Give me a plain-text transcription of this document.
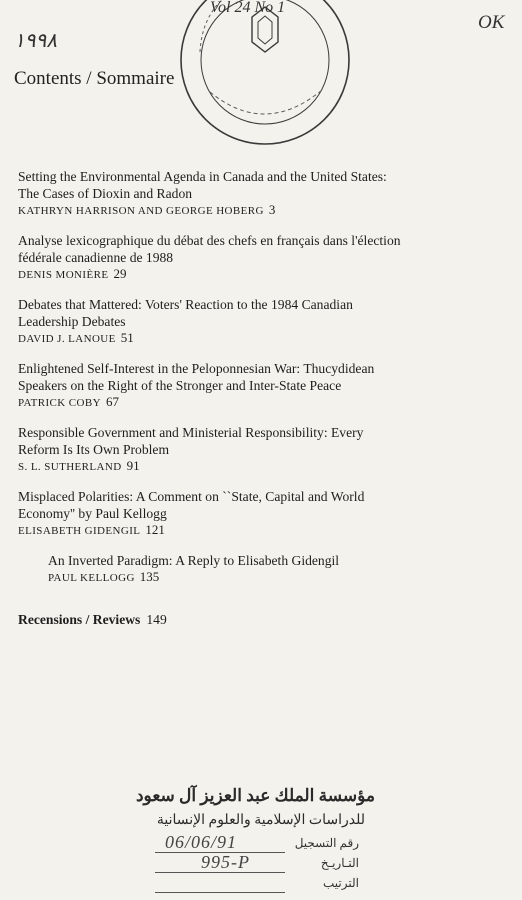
١٩٩٨
OK
Vol 24 No 1
Contents / Sommaire
Setting the Environmental Agenda in Canada and the United States:
The Cases of Dioxin and Radon
KATHRYN HARRISON AND GEORGE HOBERG 3
Analyse lexicographique du débat des chefs en français dans l'élection
fédérale canadienne de 1988
DENIS MONIÈRE 29
Debates that Mattered: Voters' Reaction to the 1984 Canadian
Leadership Debates
DAVID J. LANOUE 51
Enlightened Self-Interest in the Peloponnesian War: Thucydidean
Speakers on the Right of the Stronger and Inter-State Peace
PATRICK COBY 67
Responsible Government and Ministerial Responsibility: Every
Reform Is Its Own Problem
S. L. SUTHERLAND 91
Misplaced Polarities: A Comment on ``State, Capital and World
Economy'' by Paul Kellogg
ELISABETH GIDENGIL 121
An Inverted Paradigm: A Reply to Elisabeth Gidengil
PAUL KELLOGG 135
Recensions / Reviews 149
مؤسسة الملك عبد العزيز آل سعود
للدراسات الإسلامية والعلوم الإنسانية
رقم التسجيل
06/06/91
التـاريـخ
995-P
الترتيب
